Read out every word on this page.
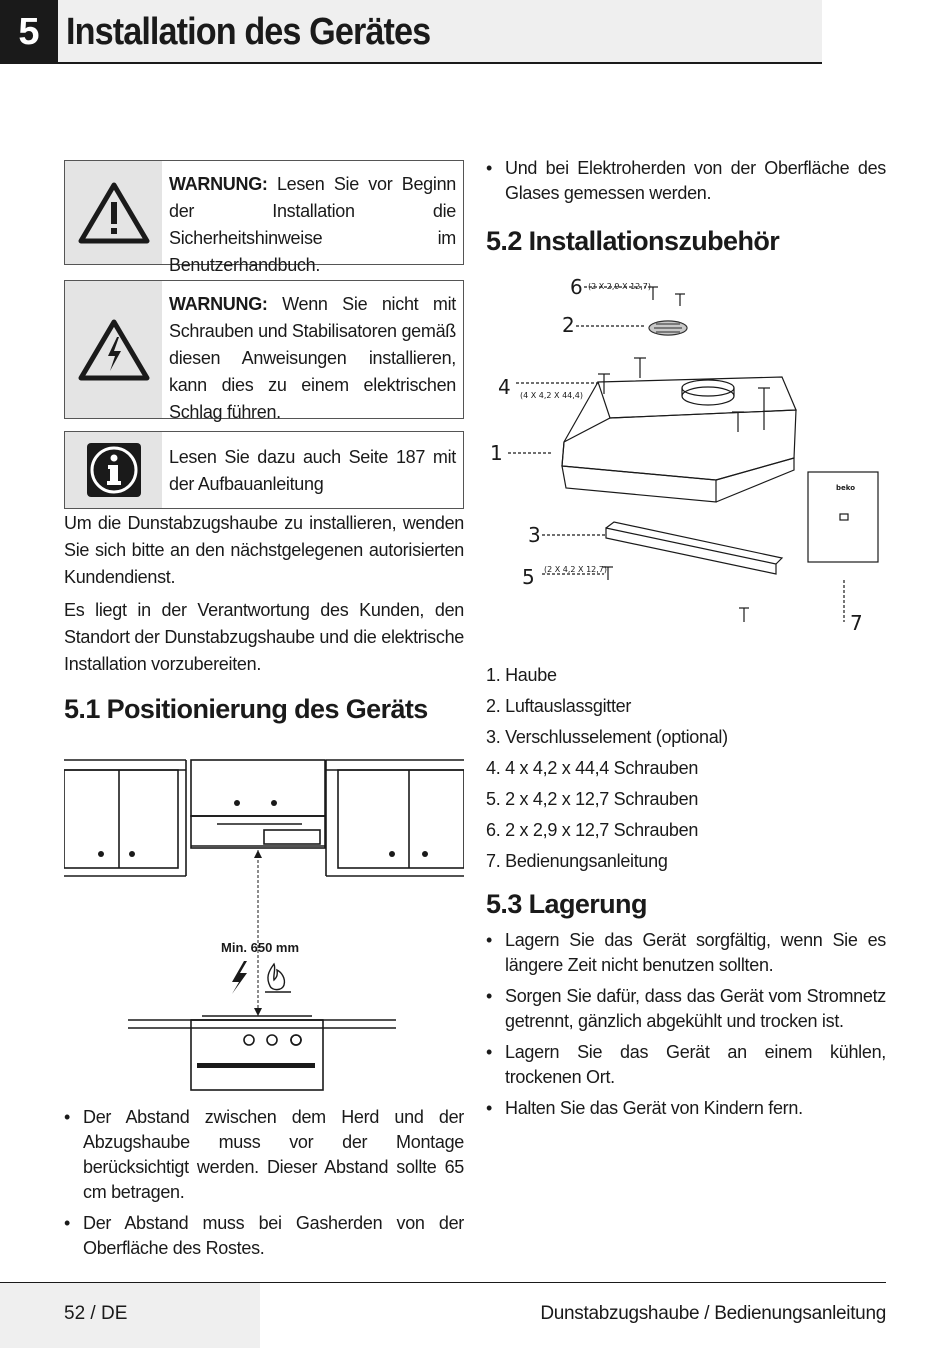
5 Installation des Gerätes
WARNUNG: Lesen Sie vor Beginn der Installation die Sicherheitshinweise im Benutzerhandbuch.
WARNUNG: Wenn Sie nicht mit Schrauben und Stabilisatoren gemäß diesen Anweisungen installieren, kann dies zu einem elektrischen Schlag führen.
Lesen Sie dazu auch Seite 187 mit der Aufbauanleitung

Um die Dunstabzugshaube zu installieren, wenden Sie sich bitte an den nächstgelegenen autorisierten Kundendienst.

Es liegt in der Verantwortung des Kunden, den Standort der Dunstabzugshaube und die elektrische Installation vorzubereiten.

5.1 Positionierung des Geräts
Min. 650 mm
• Der Abstand zwischen dem Herd und der Abzugshaube muss vor der Montage berücksichtigt werden. Dieser Abstand sollte 65 cm betragen.
• Der Abstand muss bei Gasherden von der Oberfläche des Rostes.
• Und bei Elektroherden von der Oberfläche des Glases gemessen werden.
5.2 Installationszubehör
6 (2 X 2,9 X 12,7)
2
4 (4 X 4,2 X 44,4)
1
3
5 (2 X 4,2 X 12,7)
7
beko
1. Haube
2. Luftauslassgitter
3. Verschlusselement (optional)
4. 4 x 4,2 x 44,4 Schrauben
5. 2 x 4,2 x 12,7 Schrauben
6. 2 x 2,9 x 12,7 Schrauben
7. Bedienungsanleitung
5.3 Lagerung
• Lagern Sie das Gerät sorgfältig, wenn Sie es längere Zeit nicht benutzen sollten.
• Sorgen Sie dafür, dass das Gerät vom Stromnetz getrennt, gänzlich abgekühlt und trocken ist.
• Lagern Sie das Gerät an einem kühlen, trockenen Ort.
• Halten Sie das Gerät von Kindern fern.
52 / DE	Dunstabzugshaube / Bedienungsanleitung
